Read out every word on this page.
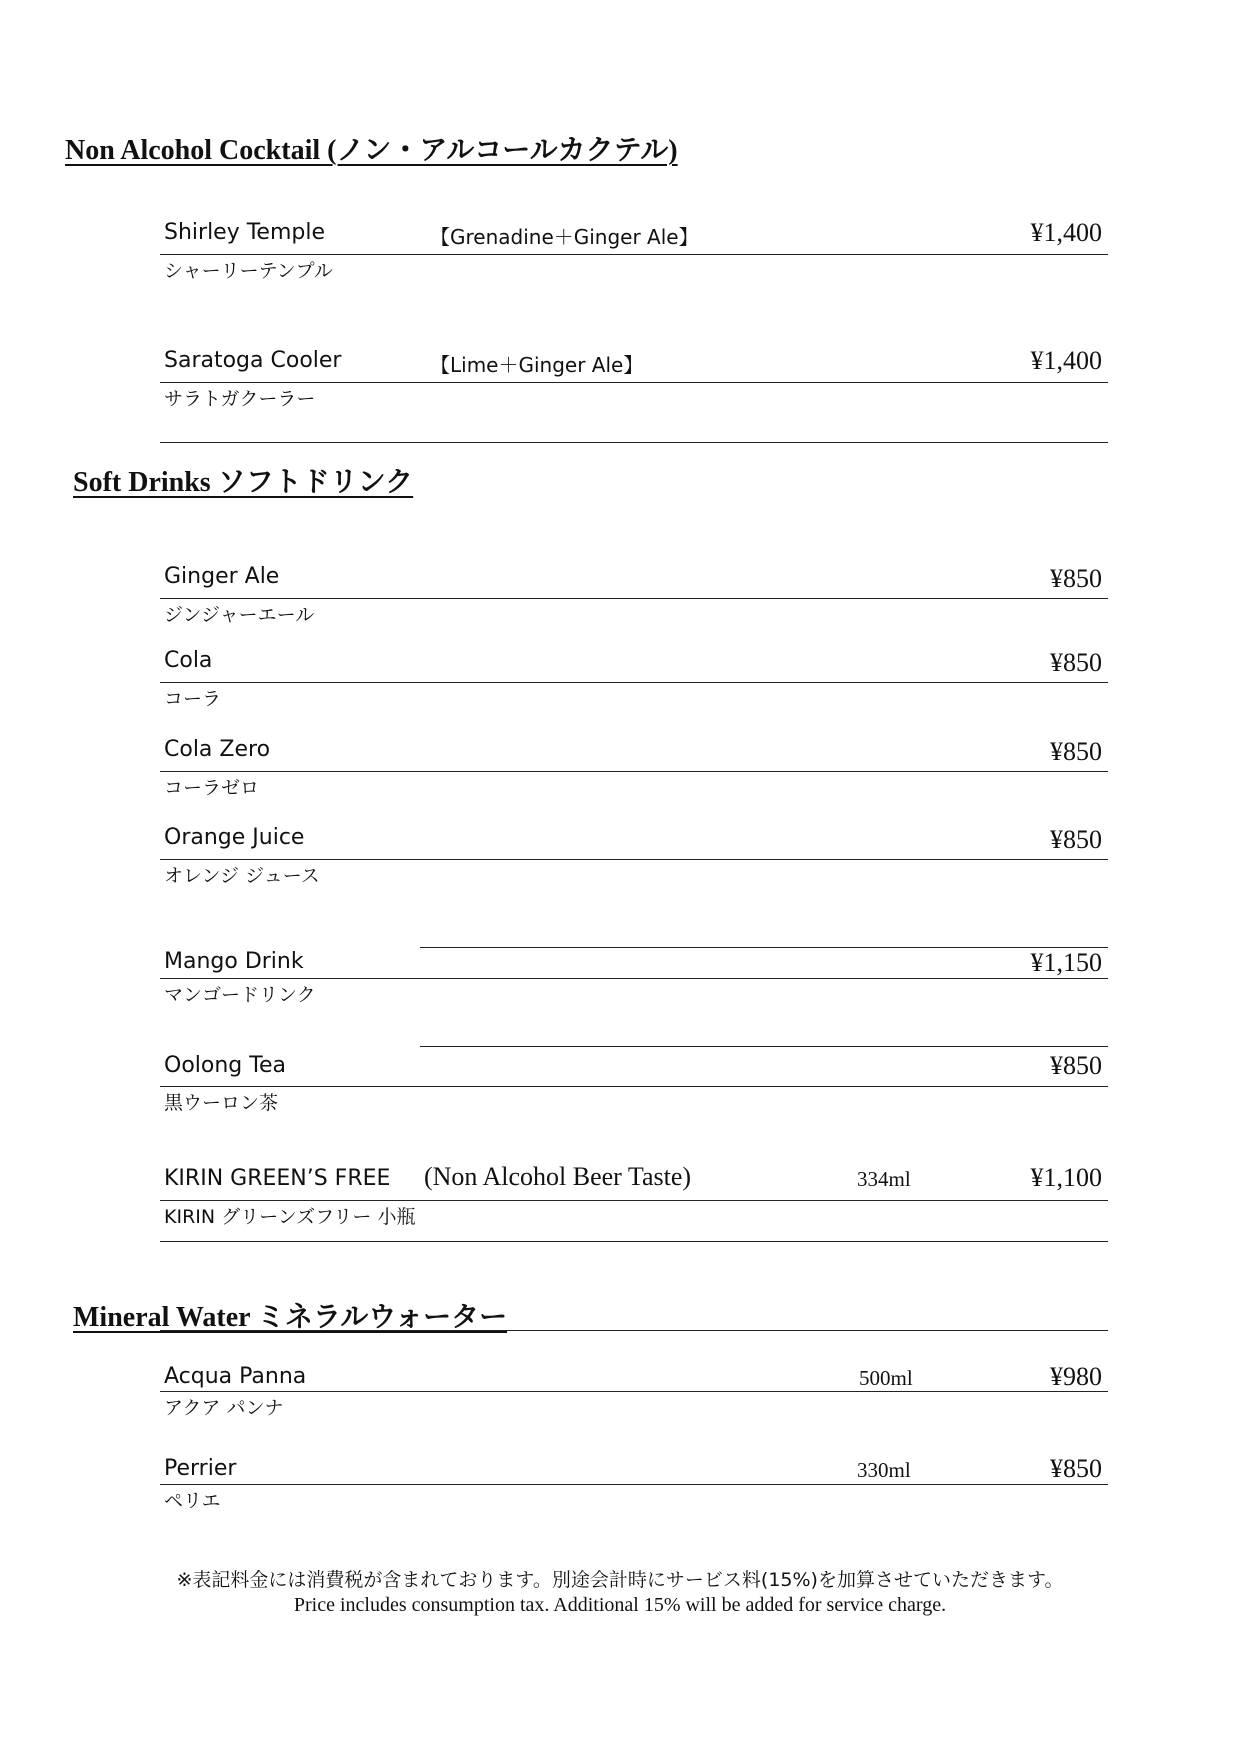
Non Alcohol Cocktail (ノン・アルコールカクテル)
Shirley Temple	【Grenadine＋Ginger Ale】	¥1,400
シャーリーテンプル
Saratoga Cooler	【Lime＋Ginger Ale】	¥1,400
サラトガクーラー
Soft Drinks ソフトドリンク
Ginger Ale	¥850
ジンジャーエール
Cola	¥850
コーラ
Cola Zero	¥850
コーラゼロ
Orange Juice	¥850
オレンジ ジュース
Mango Drink	¥1,150
マンゴードリンク
Oolong Tea	¥850
黒ウーロン茶
KIRIN GREEN’S FREE (Non Alcohol Beer Taste)	334ml	¥1,100
KIRIN グリーンズフリー 小瓶
Mineral Water ミネラルウォーター
Acqua Panna	500ml	¥980
アクア パンナ
Perrier	330ml	¥850
ペリエ
※表記料金には消費税が含まれております。別途会計時にサービス料(15%)を加算させていただきます。
Price includes consumption tax. Additional 15% will be added for service charge.
